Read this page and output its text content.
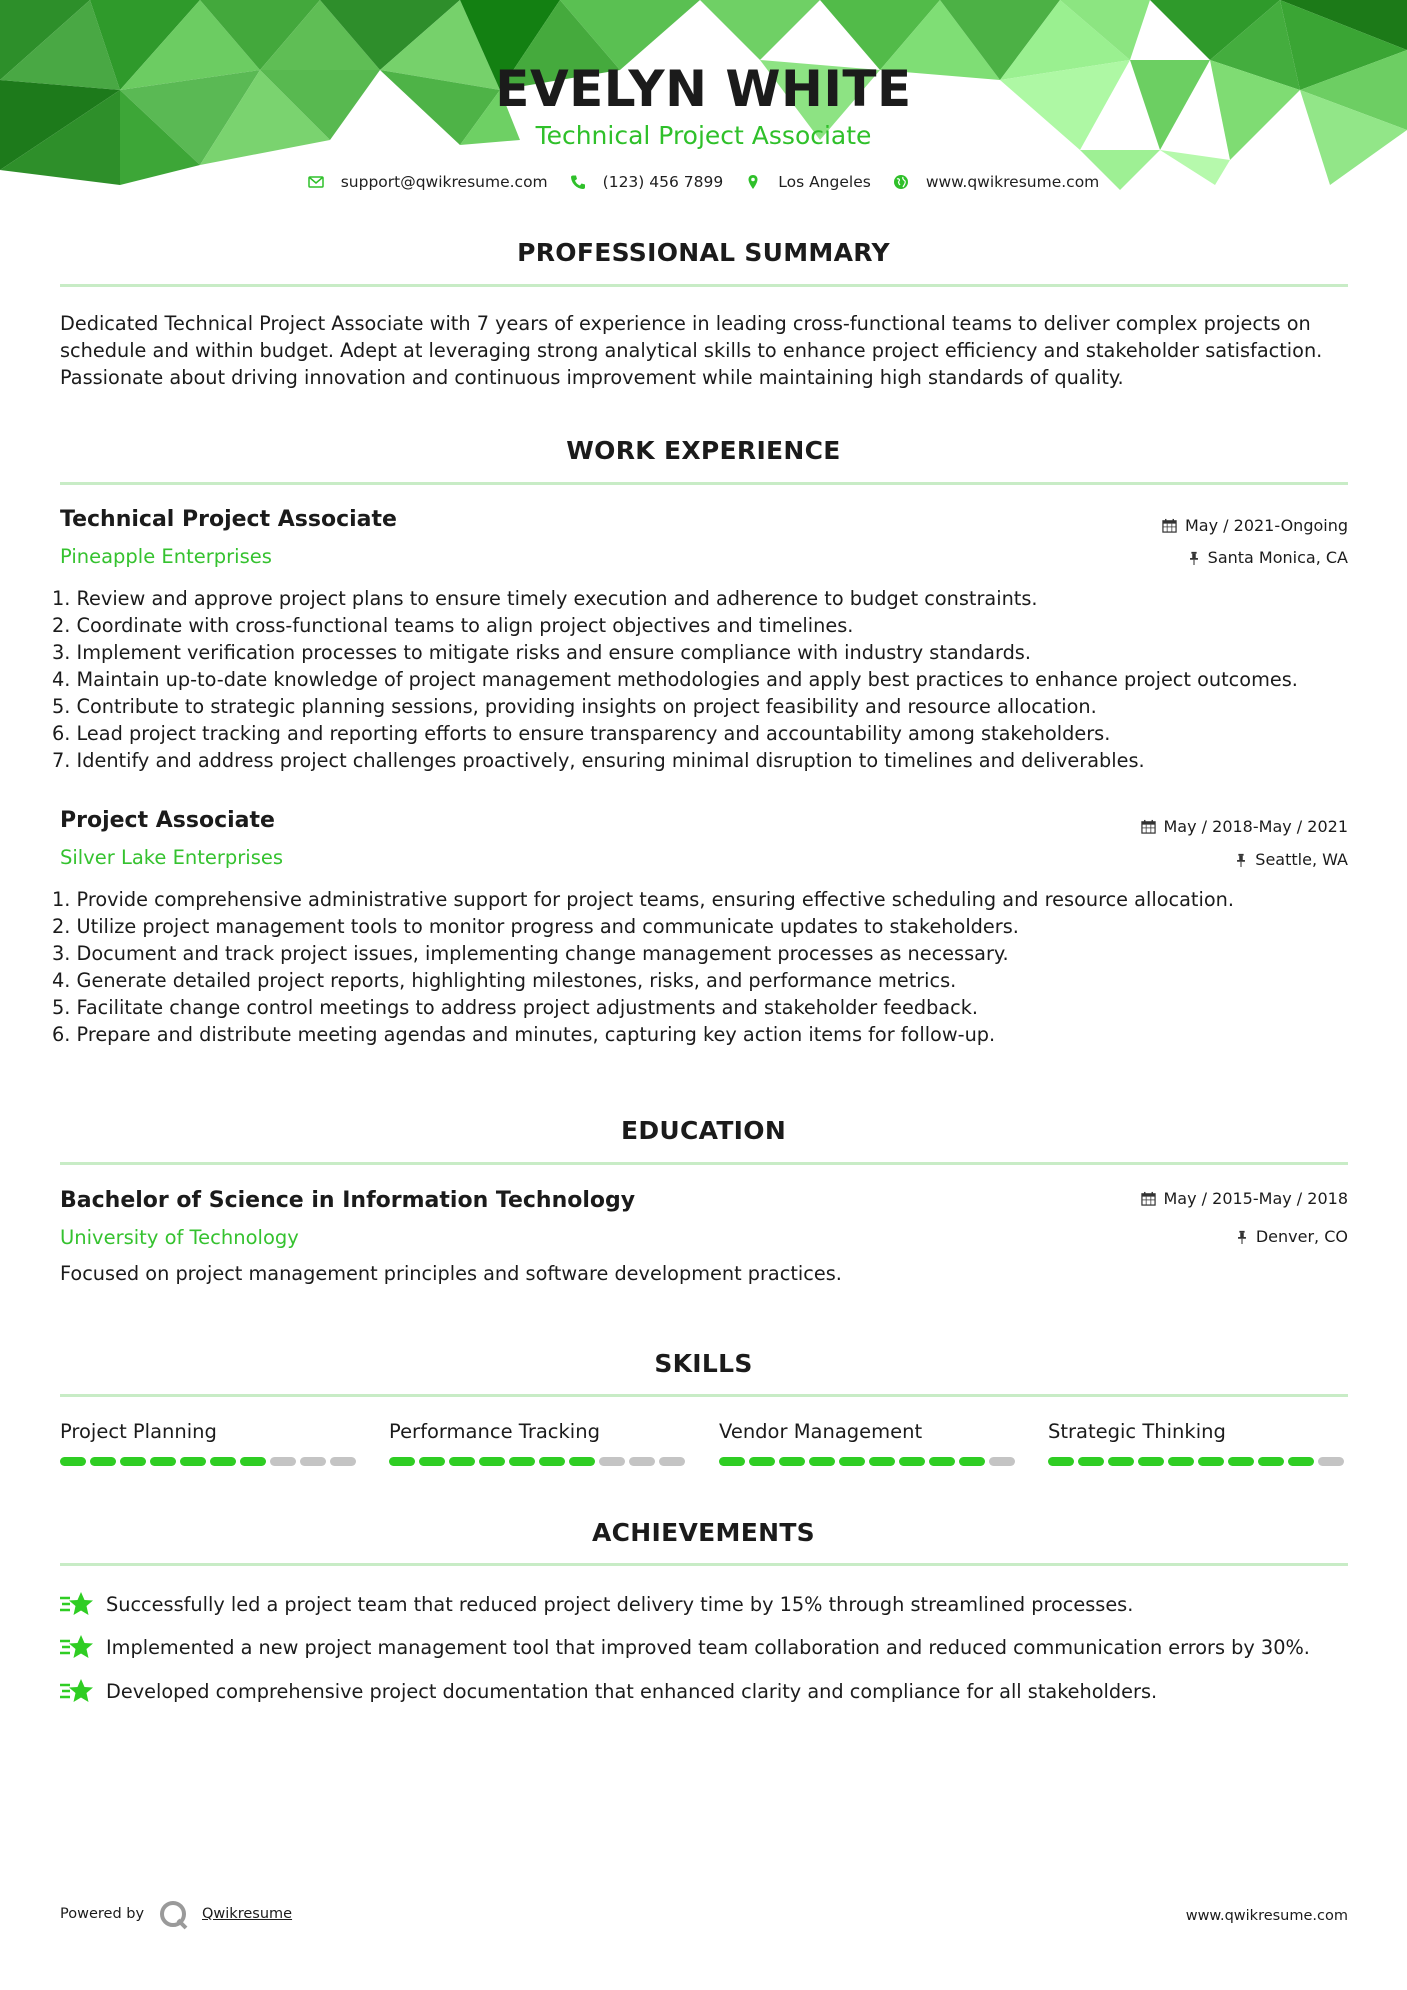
EVELYN WHITE
Technical Project Associate
support@qwikresume.com	(123) 456 7899	Los Angeles	www.qwikresume.com
PROFESSIONAL SUMMARY
Dedicated Technical Project Associate with 7 years of experience in leading cross-functional teams to deliver complex projects on schedule and within budget. Adept at leveraging strong analytical skills to enhance project efficiency and stakeholder satisfaction. Passionate about driving innovation and continuous improvement while maintaining high standards of quality.
WORK EXPERIENCE
Technical Project Associate	May / 2021-Ongoing
Pineapple Enterprises	Santa Monica, CA
1. Review and approve project plans to ensure timely execution and adherence to budget constraints.
2. Coordinate with cross-functional teams to align project objectives and timelines.
3. Implement verification processes to mitigate risks and ensure compliance with industry standards.
4. Maintain up-to-date knowledge of project management methodologies and apply best practices to enhance project outcomes.
5. Contribute to strategic planning sessions, providing insights on project feasibility and resource allocation.
6. Lead project tracking and reporting efforts to ensure transparency and accountability among stakeholders.
7. Identify and address project challenges proactively, ensuring minimal disruption to timelines and deliverables.
Project Associate	May / 2018-May / 2021
Silver Lake Enterprises	Seattle, WA
1. Provide comprehensive administrative support for project teams, ensuring effective scheduling and resource allocation.
2. Utilize project management tools to monitor progress and communicate updates to stakeholders.
3. Document and track project issues, implementing change management processes as necessary.
4. Generate detailed project reports, highlighting milestones, risks, and performance metrics.
5. Facilitate change control meetings to address project adjustments and stakeholder feedback.
6. Prepare and distribute meeting agendas and minutes, capturing key action items for follow-up.
EDUCATION
Bachelor of Science in Information Technology	May / 2015-May / 2018
University of Technology	Denver, CO
Focused on project management principles and software development practices.
SKILLS
Project Planning	Performance Tracking	Vendor Management	Strategic Thinking
ACHIEVEMENTS
Successfully led a project team that reduced project delivery time by 15% through streamlined processes.
Implemented a new project management tool that improved team collaboration and reduced communication errors by 30%.
Developed comprehensive project documentation that enhanced clarity and compliance for all stakeholders.
Powered by	Qwikresume	www.qwikresume.com
